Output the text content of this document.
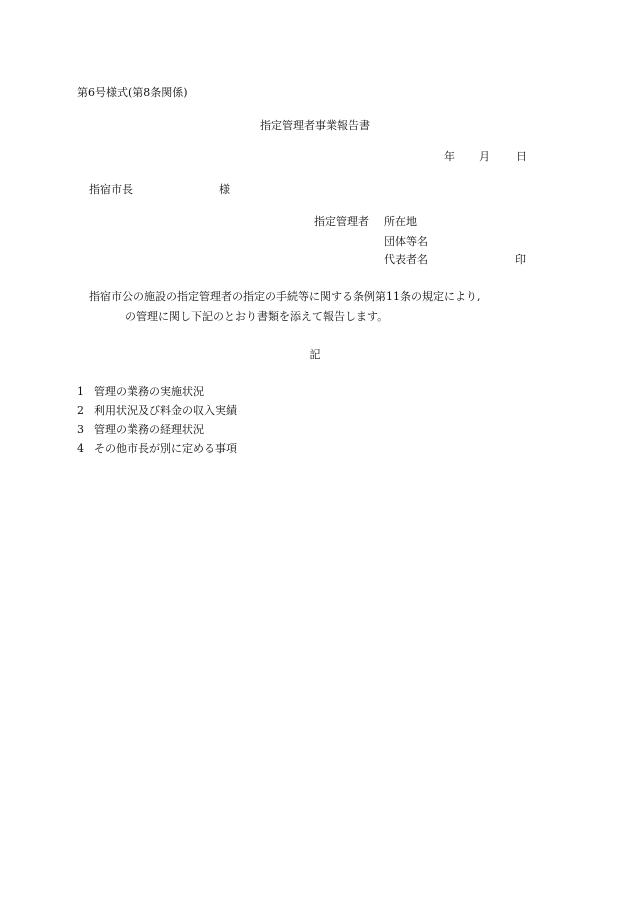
第6号様式(第8条関係)
指定管理者事業報告書
年 月 日
指宿市長	様
指定管理者 所在地
団体等名
代表者名	印
指宿市公の施設の指定管理者の指定の手続等に関する条例第11条の規定により,
の管理に関し下記のとおり書類を添えて報告します。
記
1 管理の業務の実施状況
2 利用状況及び料金の収入実績
3 管理の業務の経理状況
4 その他市長が別に定める事項
